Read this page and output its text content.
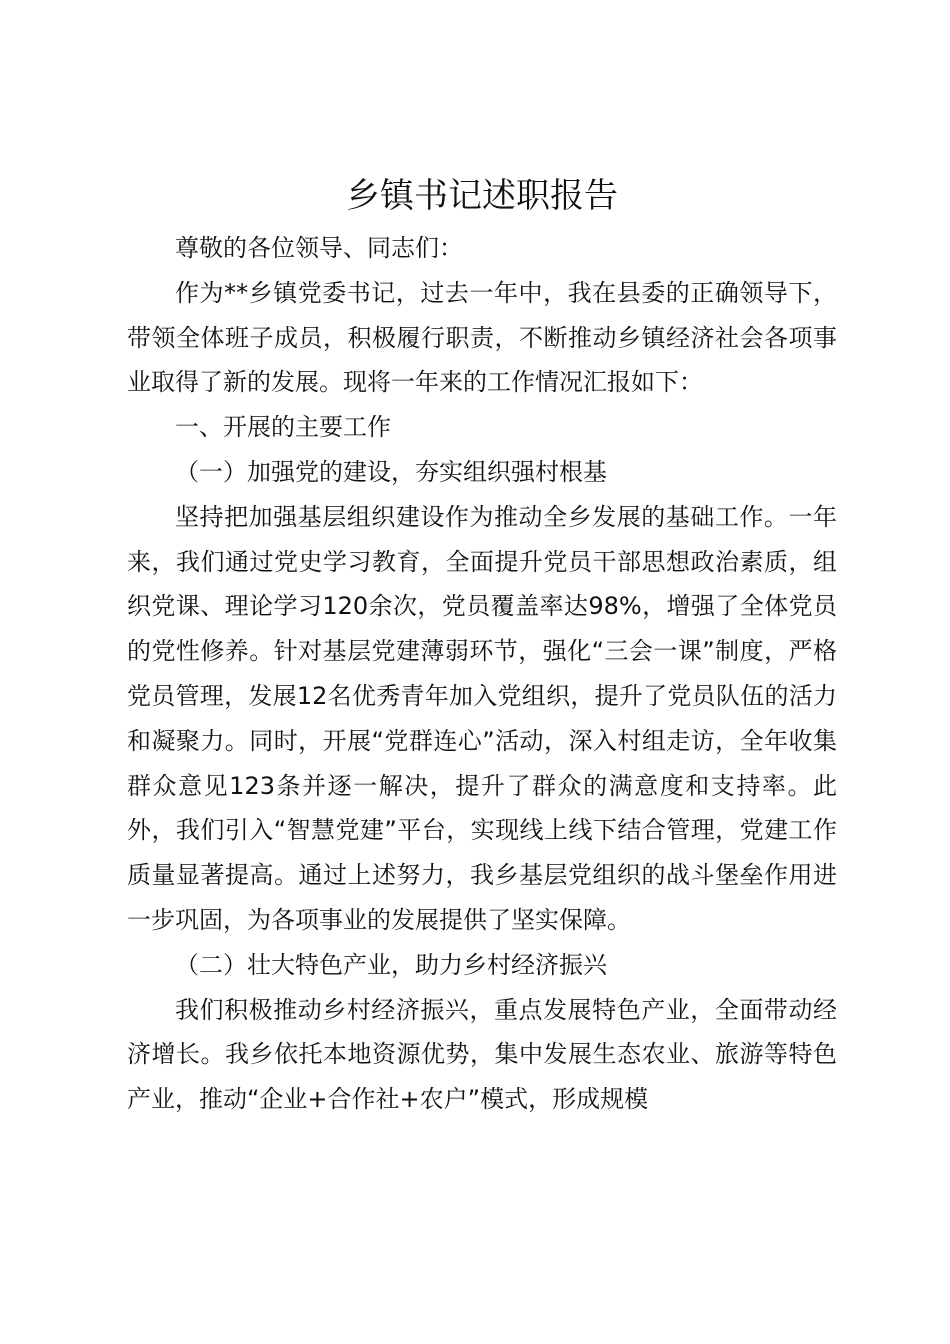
乡镇书记述职报告

尊敬的各位领导、同志们：

作为**乡镇党委书记，过去一年中，我在县委的正确领导下，带领全体班子成员，积极履行职责，不断推动乡镇经济社会各项事业取得了新的发展。现将一年来的工作情况汇报如下：

一、开展的主要工作

（一）加强党的建设，夯实组织强村根基

坚持把加强基层组织建设作为推动全乡发展的基础工作。一年来，我们通过党史学习教育，全面提升党员干部思想政治素质，组织党课、理论学习120余次，党员覆盖率达98%，增强了全体党员的党性修养。针对基层党建薄弱环节，强化“三会一课”制度，严格党员管理，发展12名优秀青年加入党组织，提升了党员队伍的活力和凝聚力。同时，开展“党群连心”活动，深入村组走访，全年收集群众意见123条并逐一解决，提升了群众的满意度和支持率。此外，我们引入“智慧党建”平台，实现线上线下结合管理，党建工作质量显著提高。通过上述努力，我乡基层党组织的战斗堡垒作用进一步巩固，为各项事业的发展提供了坚实保障。

（二）壮大特色产业，助力乡村经济振兴

我们积极推动乡村经济振兴，重点发展特色产业，全面带动经济增长。我乡依托本地资源优势，集中发展生态农业、旅游等特色产业，推动“企业+合作社+农户”模式，形成规模
